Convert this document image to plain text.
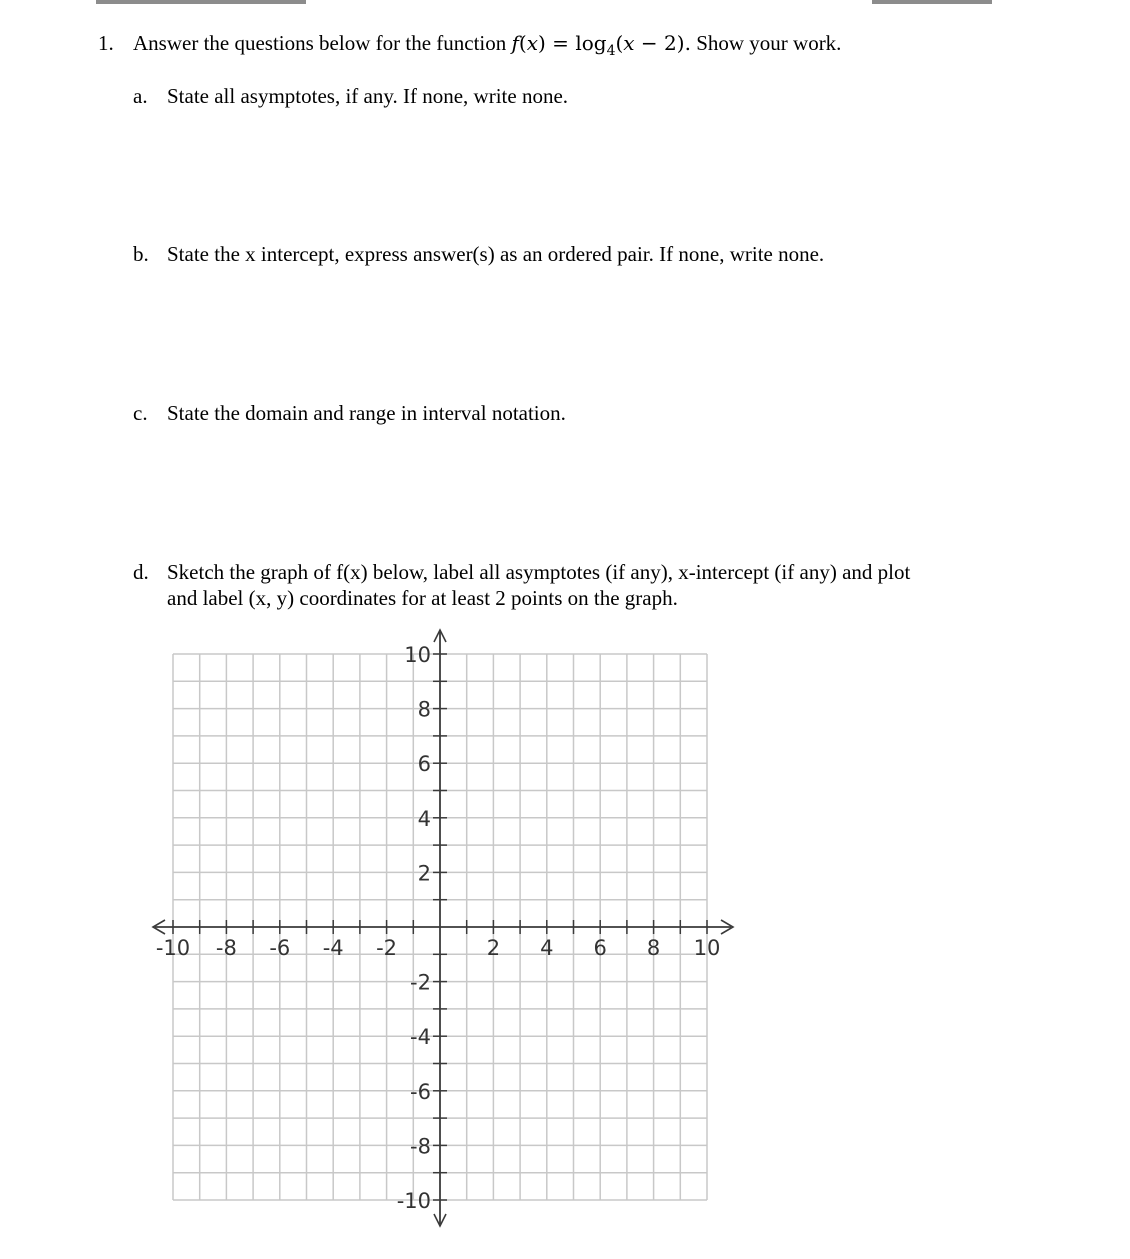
1. Answer the questions below for the function $f(x) = \log_4(x - 2)$. Show your work.
a. State all asymptotes, if any. If none, write none.
b. State the x intercept, express answer(s) as an ordered pair. If none, write none.
c. State the domain and range in interval notation.
d. Sketch the graph of f(x) below, label all asymptotes (if any), x-intercept (if any) and plot
and label (x, y) coordinates for at least 2 points on the graph.
-10 -8 -6 -4 -2	2 4 6 8 10
10
8
6
4
2
-2
-4
-6
-8
-10
